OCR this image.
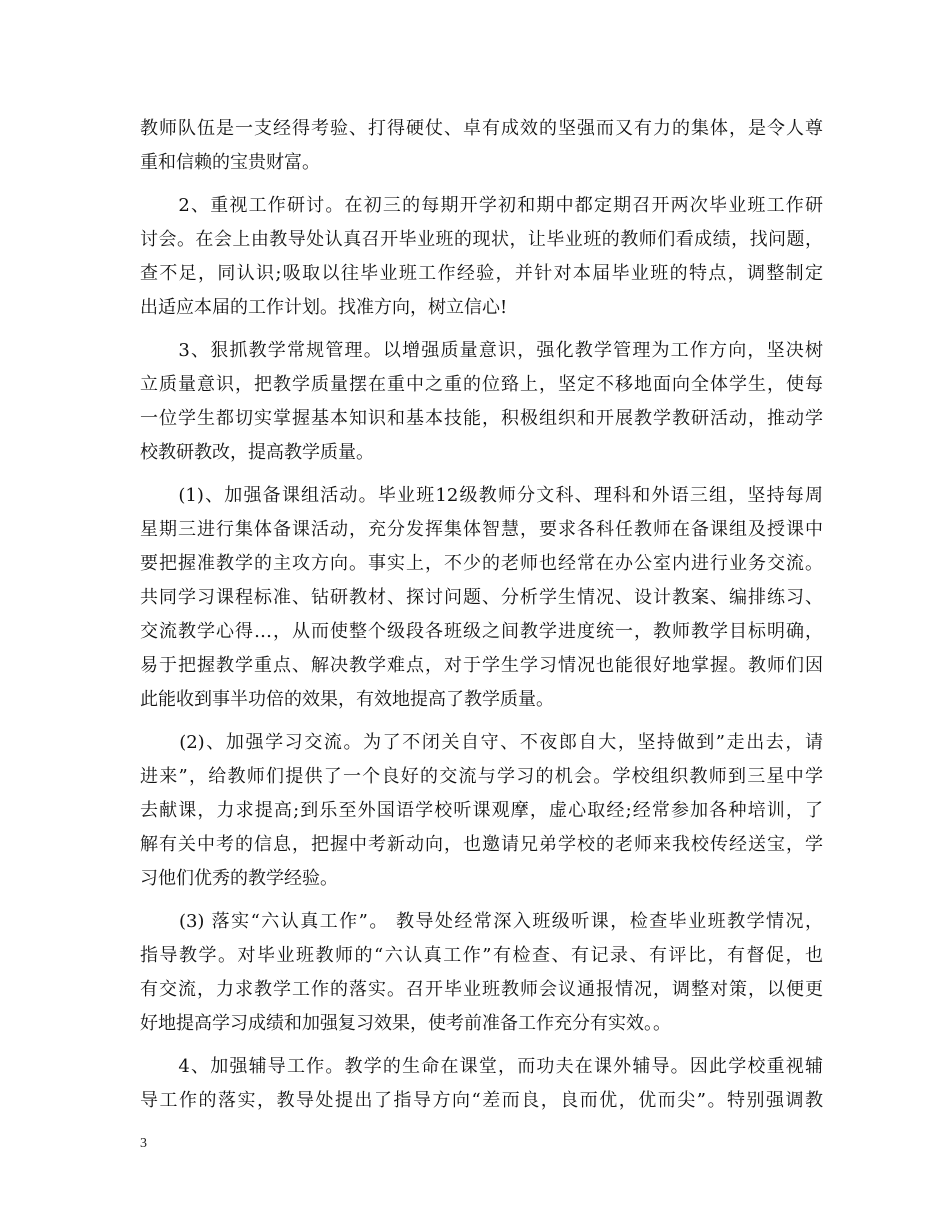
教师队伍是一支经得考验、打得硬仗、卓有成效的坚强而又有力的集体，是令人尊
重和信赖的宝贵财富。
　　2、重视工作研讨。在初三的每期开学初和期中都定期召开两次毕业班工作研
讨会。在会上由教导处认真召开毕业班的现状，让毕业班的教师们看成绩，找问题，
查不足，同认识;吸取以往毕业班工作经验，并针对本届毕业班的特点，调整制定
出适应本届的工作计划。找准方向，树立信心!
　　3、狠抓教学常规管理。以增强质量意识，强化教学管理为工作方向，坚决树
立质量意识，把教学质量摆在重中之重的位臵上，坚定不移地面向全体学生，使每
一位学生都切实掌握基本知识和基本技能，积极组织和开展教学教研活动，推动学
校教研教改，提高教学质量。
　　(1)、加强备课组活动。毕业班12级教师分文科、理科和外语三组，坚持每周
星期三进行集体备课活动，充分发挥集体智慧，要求各科任教师在备课组及授课中
要把握准教学的主攻方向。事实上，不少的老师也经常在办公室内进行业务交流。
共同学习课程标准、钻研教材、探讨问题、分析学生情况、设计教案、编排练习、
交流教学心得…，从而使整个级段各班级之间教学进度统一，教师教学目标明确，
易于把握教学重点、解决教学难点，对于学生学习情况也能很好地掌握。教师们因
此能收到事半功倍的效果，有效地提高了教学质量。
　　(2)、加强学习交流。为了不闭关自守、不夜郎自大，坚持做到”走出去，请
进来”，给教师们提供了一个良好的交流与学习的机会。学校组织教师到三星中学
去献课，力求提高;到乐至外国语学校听课观摩，虚心取经;经常参加各种培训，了
解有关中考的信息，把握中考新动向，也邀请兄弟学校的老师来我校传经送宝，学
习他们优秀的教学经验。
　　(3) 落实“六认真工作”。 教导处经常深入班级听课，检查毕业班教学情况，
指导教学。对毕业班教师的“六认真工作”有检查、有记录、有评比，有督促，也
有交流，力求教学工作的落实。召开毕业班教师会议通报情况，调整对策，以便更
好地提高学习成绩和加强复习效果，使考前准备工作充分有实效。。
　　4、加强辅导工作。教学的生命在课堂，而功夫在课外辅导。因此学校重视辅
导工作的落实，教导处提出了指导方向“差而良，良而优，优而尖”。特别强调教
3
